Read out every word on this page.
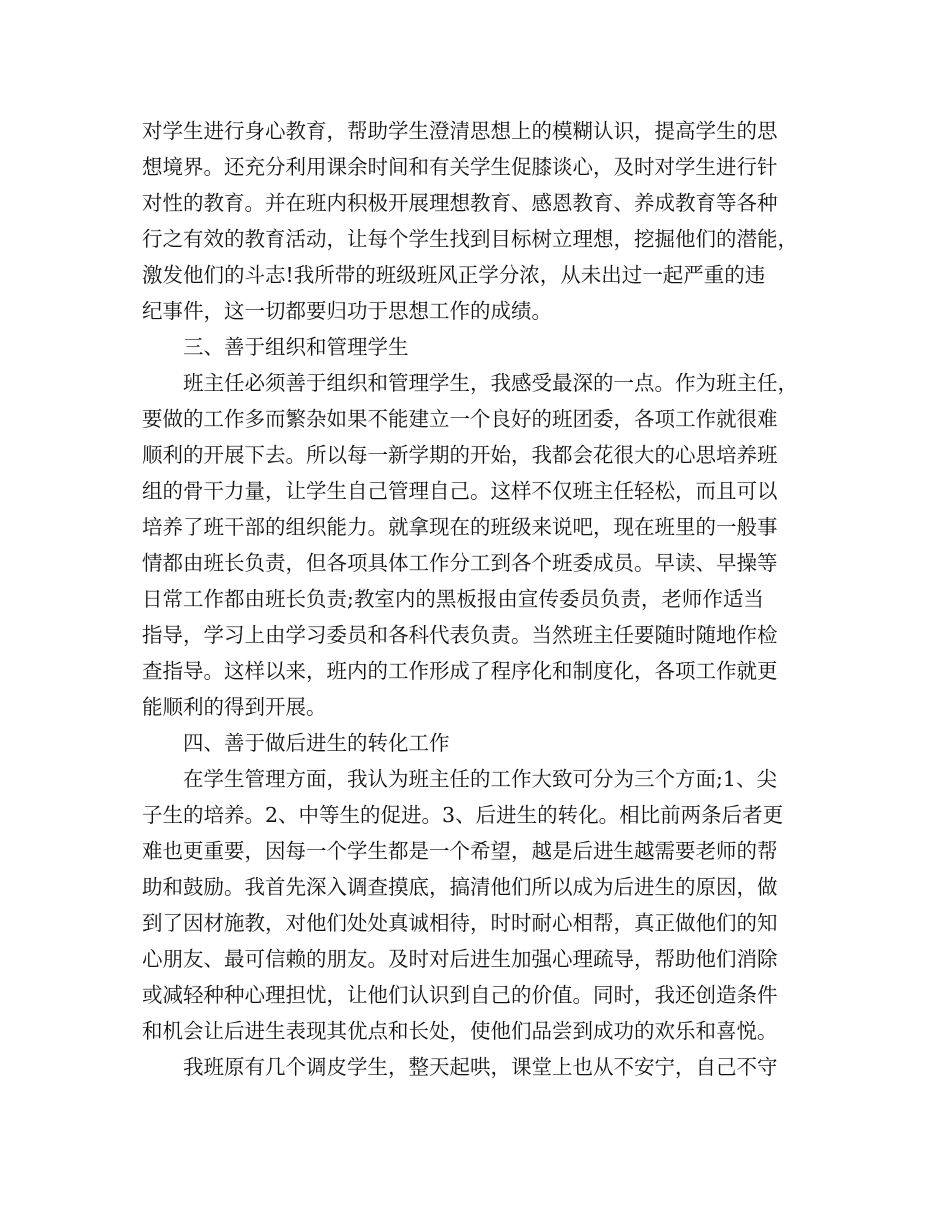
对学生进行身心教育，帮助学生澄清思想上的模糊认识，提高学生的思
想境界。还充分利用课余时间和有关学生促膝谈心，及时对学生进行针
对性的教育。并在班内积极开展理想教育、感恩教育、养成教育等各种
行之有效的教育活动，让每个学生找到目标树立理想，挖掘他们的潜能，
激发他们的斗志!我所带的班级班风正学分浓，从未出过一起严重的违
纪事件，这一切都要归功于思想工作的成绩。
三、善于组织和管理学生
班主任必须善于组织和管理学生，我感受最深的一点。作为班主任，
要做的工作多而繁杂如果不能建立一个良好的班团委，各项工作就很难
顺利的开展下去。所以每一新学期的开始，我都会花很大的心思培养班
组的骨干力量，让学生自己管理自己。这样不仅班主任轻松，而且可以
培养了班干部的组织能力。就拿现在的班级来说吧，现在班里的一般事
情都由班长负责，但各项具体工作分工到各个班委成员。早读、早操等
日常工作都由班长负责;教室内的黑板报由宣传委员负责，老师作适当
指导，学习上由学习委员和各科代表负责。当然班主任要随时随地作检
查指导。这样以来，班内的工作形成了程序化和制度化，各项工作就更
能顺利的得到开展。
四、善于做后进生的转化工作
在学生管理方面，我认为班主任的工作大致可分为三个方面;1、尖
子生的培养。2、中等生的促进。3、后进生的转化。相比前两条后者更
难也更重要，因每一个学生都是一个希望，越是后进生越需要老师的帮
助和鼓励。我首先深入调查摸底，搞清他们所以成为后进生的原因，做
到了因材施教，对他们处处真诚相待，时时耐心相帮，真正做他们的知
心朋友、最可信赖的朋友。及时对后进生加强心理疏导，帮助他们消除
或减轻种种心理担忧，让他们认识到自己的价值。同时，我还创造条件
和机会让后进生表现其优点和长处，使他们品尝到成功的欢乐和喜悦。
我班原有几个调皮学生，整天起哄，课堂上也从不安宁，自己不守
